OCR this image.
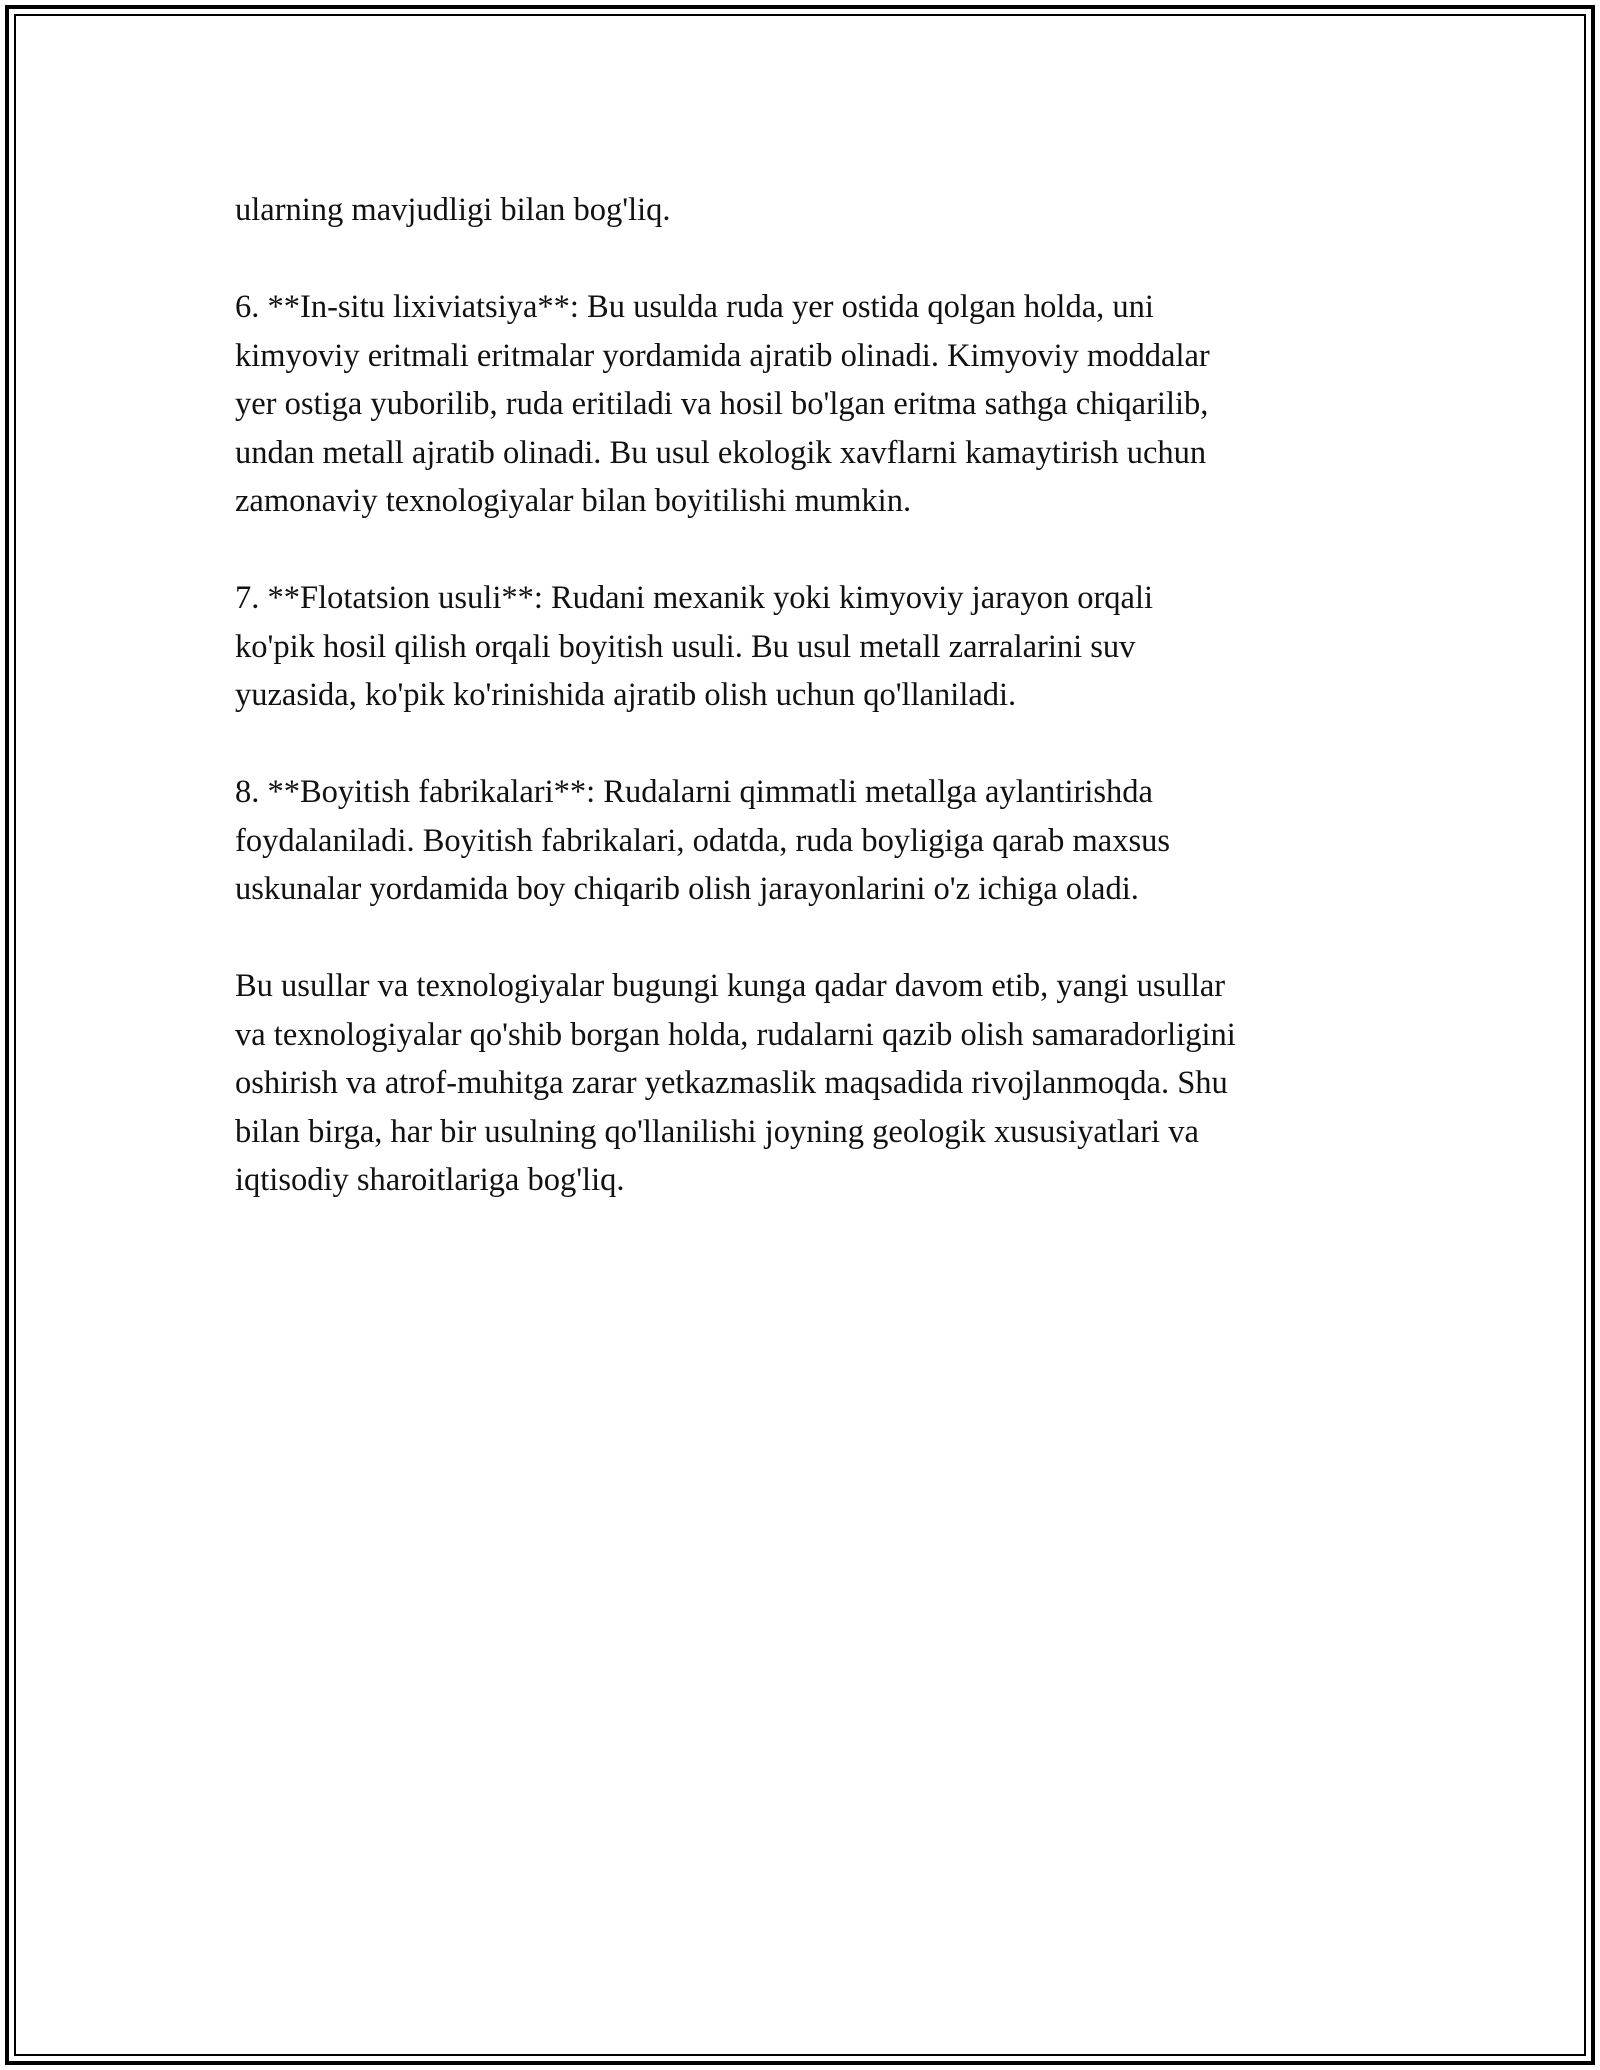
ularning mavjudligi bilan bog'liq.

6. **In-situ lixiviatsiya**: Bu usulda ruda yer ostida qolgan holda, uni
kimyoviy eritmali eritmalar yordamida ajratib olinadi. Kimyoviy moddalar
yer ostiga yuborilib, ruda eritiladi va hosil bo'lgan eritma sathga chiqarilib,
undan metall ajratib olinadi. Bu usul ekologik xavflarni kamaytirish uchun
zamonaviy texnologiyalar bilan boyitilishi mumkin.

7. **Flotatsion usuli**: Rudani mexanik yoki kimyoviy jarayon orqali
ko'pik hosil qilish orqali boyitish usuli. Bu usul metall zarralarini suv
yuzasida, ko'pik ko'rinishida ajratib olish uchun qo'llaniladi.

8. **Boyitish fabrikalari**: Rudalarni qimmatli metallga aylantirishda
foydalaniladi. Boyitish fabrikalari, odatda, ruda boyligiga qarab maxsus
uskunalar yordamida boy chiqarib olish jarayonlarini o'z ichiga oladi.

Bu usullar va texnologiyalar bugungi kunga qadar davom etib, yangi usullar
va texnologiyalar qo'shib borgan holda, rudalarni qazib olish samaradorligini
oshirish va atrof-muhitga zarar yetkazmaslik maqsadida rivojlanmoqda. Shu
bilan birga, har bir usulning qo'llanilishi joyning geologik xususiyatlari va
iqtisodiy sharoitlariga bog'liq.
